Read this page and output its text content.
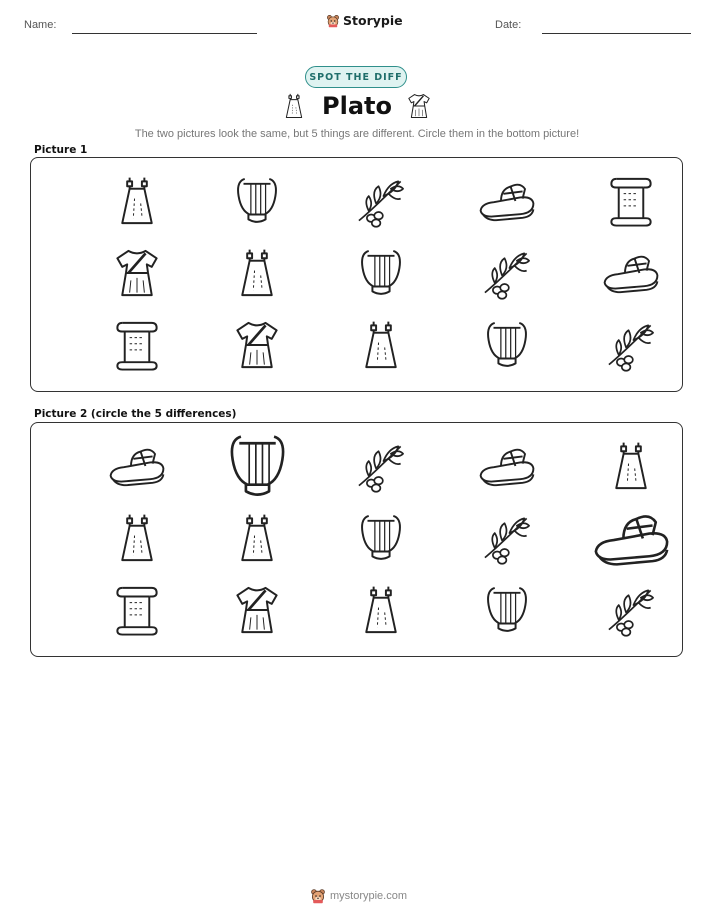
Name:	Storypie	Date:
SPOT THE DIFF
Plato
The two pictures look the same, but 5 things are different. Circle them in the bottom picture!
Picture 1
Picture 2 (circle the 5 differences)
mystorypie.com
